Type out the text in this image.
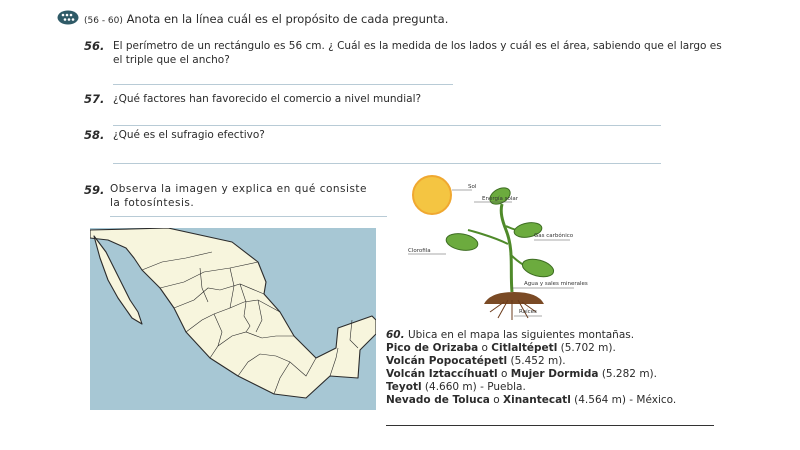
(56 - 60) Anota en la línea cuál es el propósito de cada pregunta.
56. El perímetro de un rectángulo es 56 cm. ¿ Cuál es la medida de los lados y cuál es el área, sabiendo que el largo es el triple que el ancho?
57. ¿Qué factores han favorecido el comercio a nivel mundial?
58. ¿Qué es el sufragio efectivo?
59. Observa la imagen y explica en qué consiste la fotosíntesis.
Sol
Energía solar
Gas carbónico
Clorofila
Agua y sales minerales
Raíces
60. Ubica en el mapa las siguientes montañas.
Pico de Orizaba o Citlaltépetl (5.702 m).
Volcán Popocatépetl (5.452 m).
Volcán Iztaccíhuatl o Mujer Dormida (5.282 m).
Teyotl (4.660 m) - Puebla.
Nevado de Toluca o Xinantecatl (4.564 m) - México.
